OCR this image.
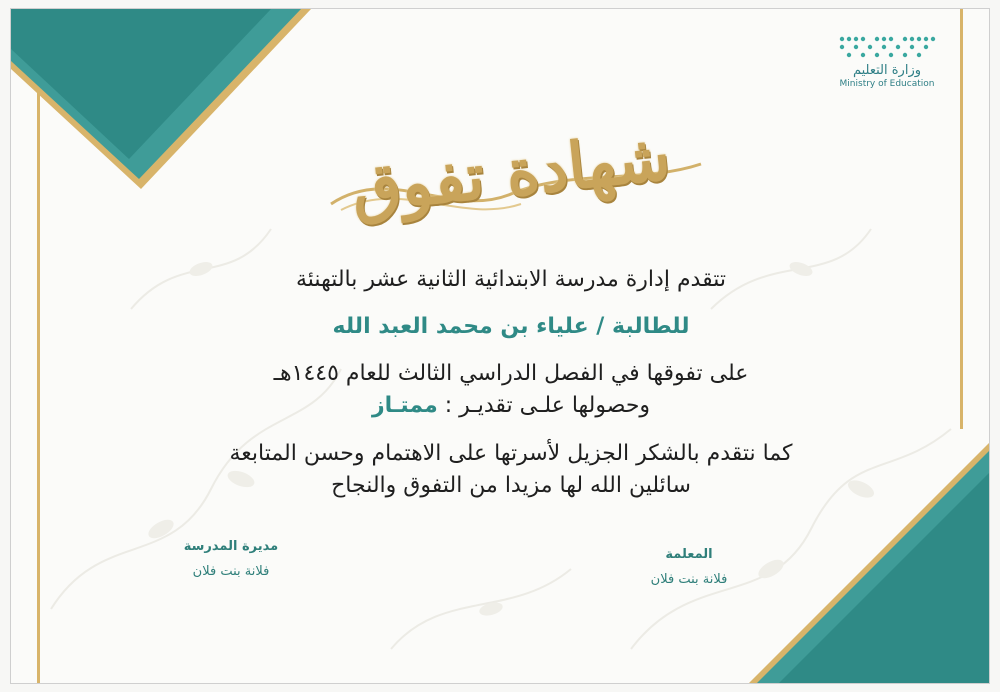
وزارة التعليم
Ministry of Education
شهادة تفوق
تتقدم إدارة مدرسة الابتدائية الثانية عشر بالتهنئة
للطالبة / علياء بن محمد العبد الله
على تفوقها في الفصل الدراسي الثالث للعام ١٤٤٥هـ
وحصولها علـى تقديـر : ممتـاز
كما نتقدم بالشكر الجزيل لأسرتها على الاهتمام وحسن المتابعة
سائلين الله لها مزيدا من التفوق والنجاح
مديرة المدرسة
فلانة بنت فلان
المعلمة
فلانة بنت فلان
